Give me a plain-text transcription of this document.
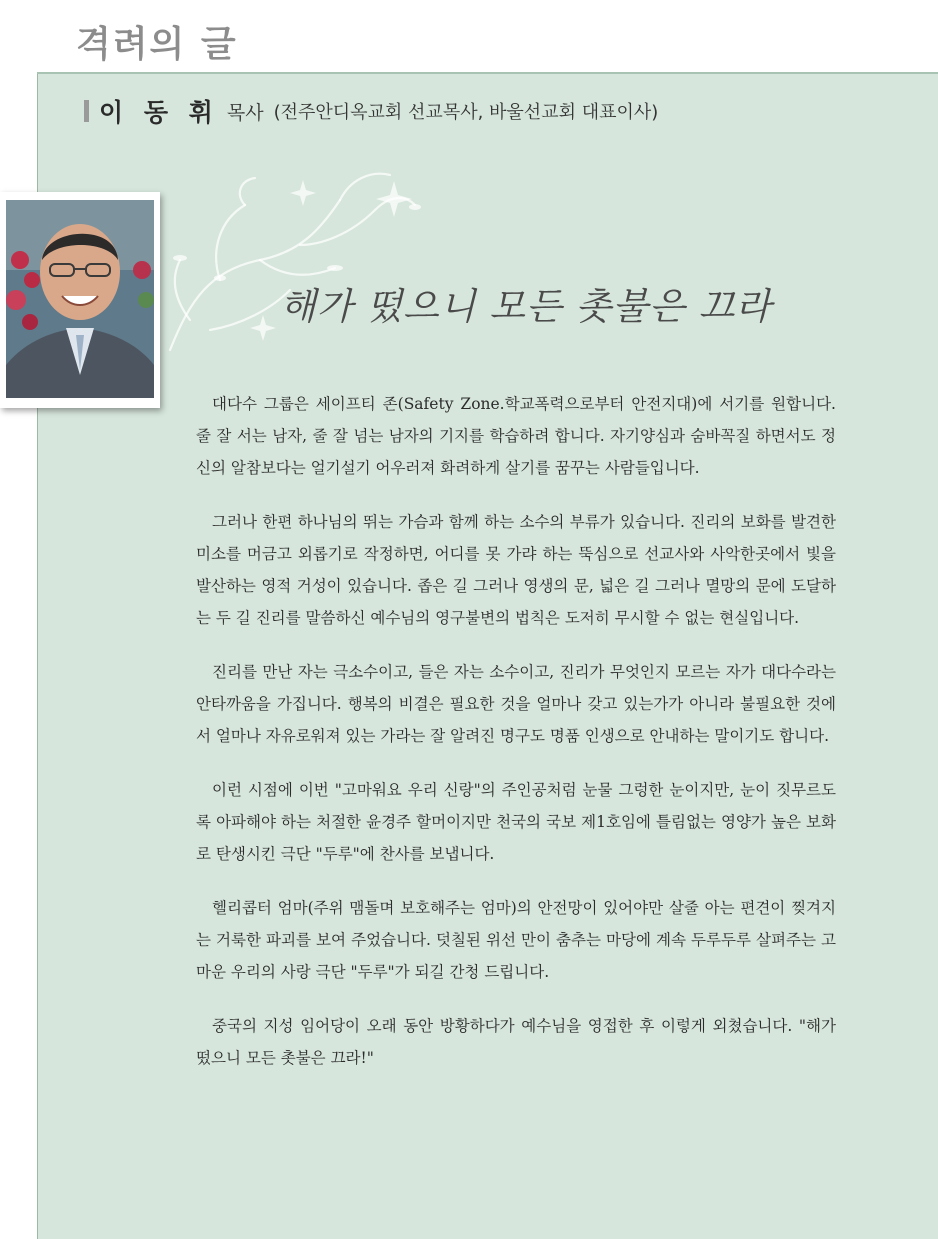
격려의 글
이 동 휘 목사 (전주안디옥교회 선교목사, 바울선교회 대표이사)
해가 떴으니 모든 촛불은 끄라

대다수 그룹은 세이프티 존(Safety Zone.학교폭력으로부터 안전지대)에 서기를 원합니다. 줄 잘 서는 남자, 줄 잘 넘는 남자의 기지를 학습하려 합니다. 자기양심과 숨바꼭질 하면서도 정신의 알참보다는 얼기설기 어우러져 화려하게 살기를 꿈꾸는 사람들입니다.

그러나 한편 하나님의 뛰는 가슴과 함께 하는 소수의 부류가 있습니다. 진리의 보화를 발견한 미소를 머금고 외롭기로 작정하면, 어디를 못 가랴 하는 뚝심으로 선교사와 사악한곳에서 빛을 발산하는 영적 거성이 있습니다. 좁은 길 그러나 영생의 문, 넓은 길 그러나 멸망의 문에 도달하는 두 길 진리를 말씀하신 예수님의 영구불변의 법칙은 도저히 무시할 수 없는 현실입니다.

진리를 만난 자는 극소수이고, 들은 자는 소수이고, 진리가 무엇인지 모르는 자가 대다수라는 안타까움을 가집니다. 행복의 비결은 필요한 것을 얼마나 갖고 있는가가 아니라 불필요한 것에서 얼마나 자유로워져 있는 가라는 잘 알려진 명구도 명품 인생으로 안내하는 말이기도 합니다.

이런 시점에 이번 "고마워요 우리 신랑"의 주인공처럼 눈물 그렁한 눈이지만, 눈이 짓무르도록 아파해야 하는 처절한 윤경주 할머이지만 천국의 국보 제1호임에 틀림없는 영양가 높은 보화로 탄생시킨 극단 "두루"에 찬사를 보냅니다.

헬리콥터 엄마(주위 맴돌며 보호해주는 엄마)의 안전망이 있어야만 살줄 아는 편견이 찢겨지는 거룩한 파괴를 보여 주었습니다. 덧칠된 위선 만이 춤추는 마당에 계속 두루두루 살펴주는 고마운 우리의 사랑 극단 "두루"가 되길 간청 드립니다.

중국의 지성 임어당이 오래 동안 방황하다가 예수님을 영접한 후 이렇게 외쳤습니다. "해가 떴으니 모든 촛불은 끄라!"
